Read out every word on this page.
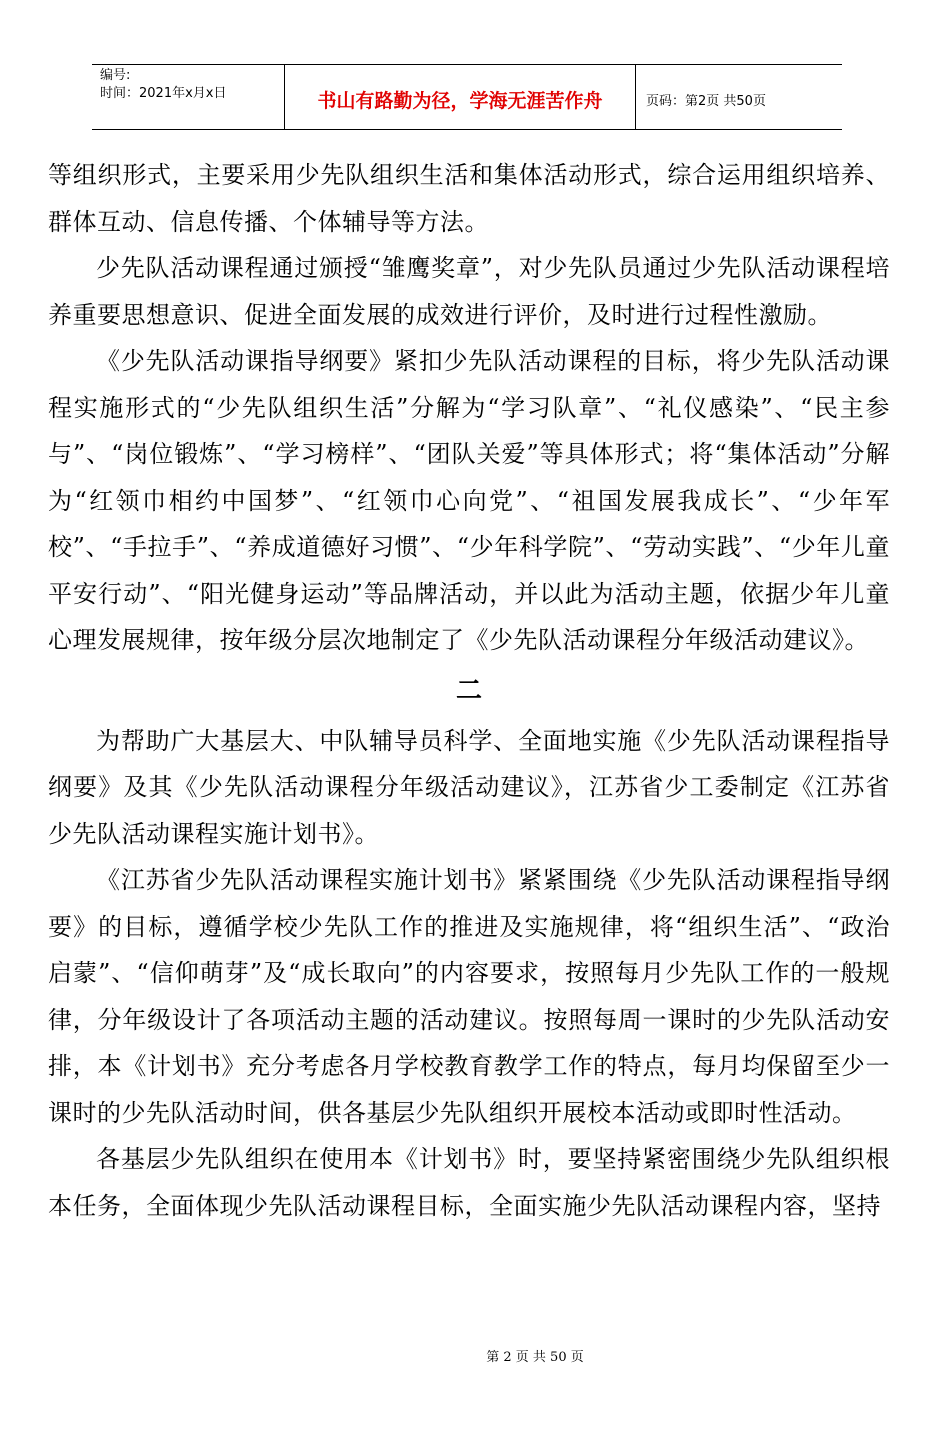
编号:
时间：2021年x月x日	书山有路勤为径，学海无涯苦作舟	页码：第2页 共50页

等组织形式，主要采用少先队组织生活和集体活动形式，综合运用组织培养、群体互动、信息传播、个体辅导等方法。

少先队活动课程通过颁授“雏鹰奖章”，对少先队员通过少先队活动课程培养重要思想意识、促进全面发展的成效进行评价，及时进行过程性激励。

《少先队活动课指导纲要》紧扣少先队活动课程的目标，将少先队活动课程实施形式的“少先队组织生活”分解为“学习队章”、“礼仪感染”、“民主参与”、“岗位锻炼”、“学习榜样”、“团队关爱”等具体形式；将“集体活动”分解为“红领巾相约中国梦”、“红领巾心向党”、“祖国发展我成长”、“少年军校”、“手拉手”、“养成道德好习惯”、“少年科学院”、“劳动实践”、“少年儿童平安行动”、“阳光健身运动”等品牌活动，并以此为活动主题，依据少年儿童心理发展规律，按年级分层次地制定了《少先队活动课程分年级活动建议》。

二

为帮助广大基层大、中队辅导员科学、全面地实施《少先队活动课程指导纲要》及其《少先队活动课程分年级活动建议》，江苏省少工委制定《江苏省少先队活动课程实施计划书》。

《江苏省少先队活动课程实施计划书》紧紧围绕《少先队活动课程指导纲要》的目标，遵循学校少先队工作的推进及实施规律，将“组织生活”、“政治启蒙”、“信仰萌芽”及“成长取向”的内容要求，按照每月少先队工作的一般规律，分年级设计了各项活动主题的活动建议。按照每周一课时的少先队活动安排，本《计划书》充分考虑各月学校教育教学工作的特点，每月均保留至少一课时的少先队活动时间，供各基层少先队组织开展校本活动或即时性活动。

各基层少先队组织在使用本《计划书》时，要坚持紧密围绕少先队组织根本任务，全面体现少先队活动课程目标，全面实施少先队活动课程内容，坚持

第 2 页 共 50 页
